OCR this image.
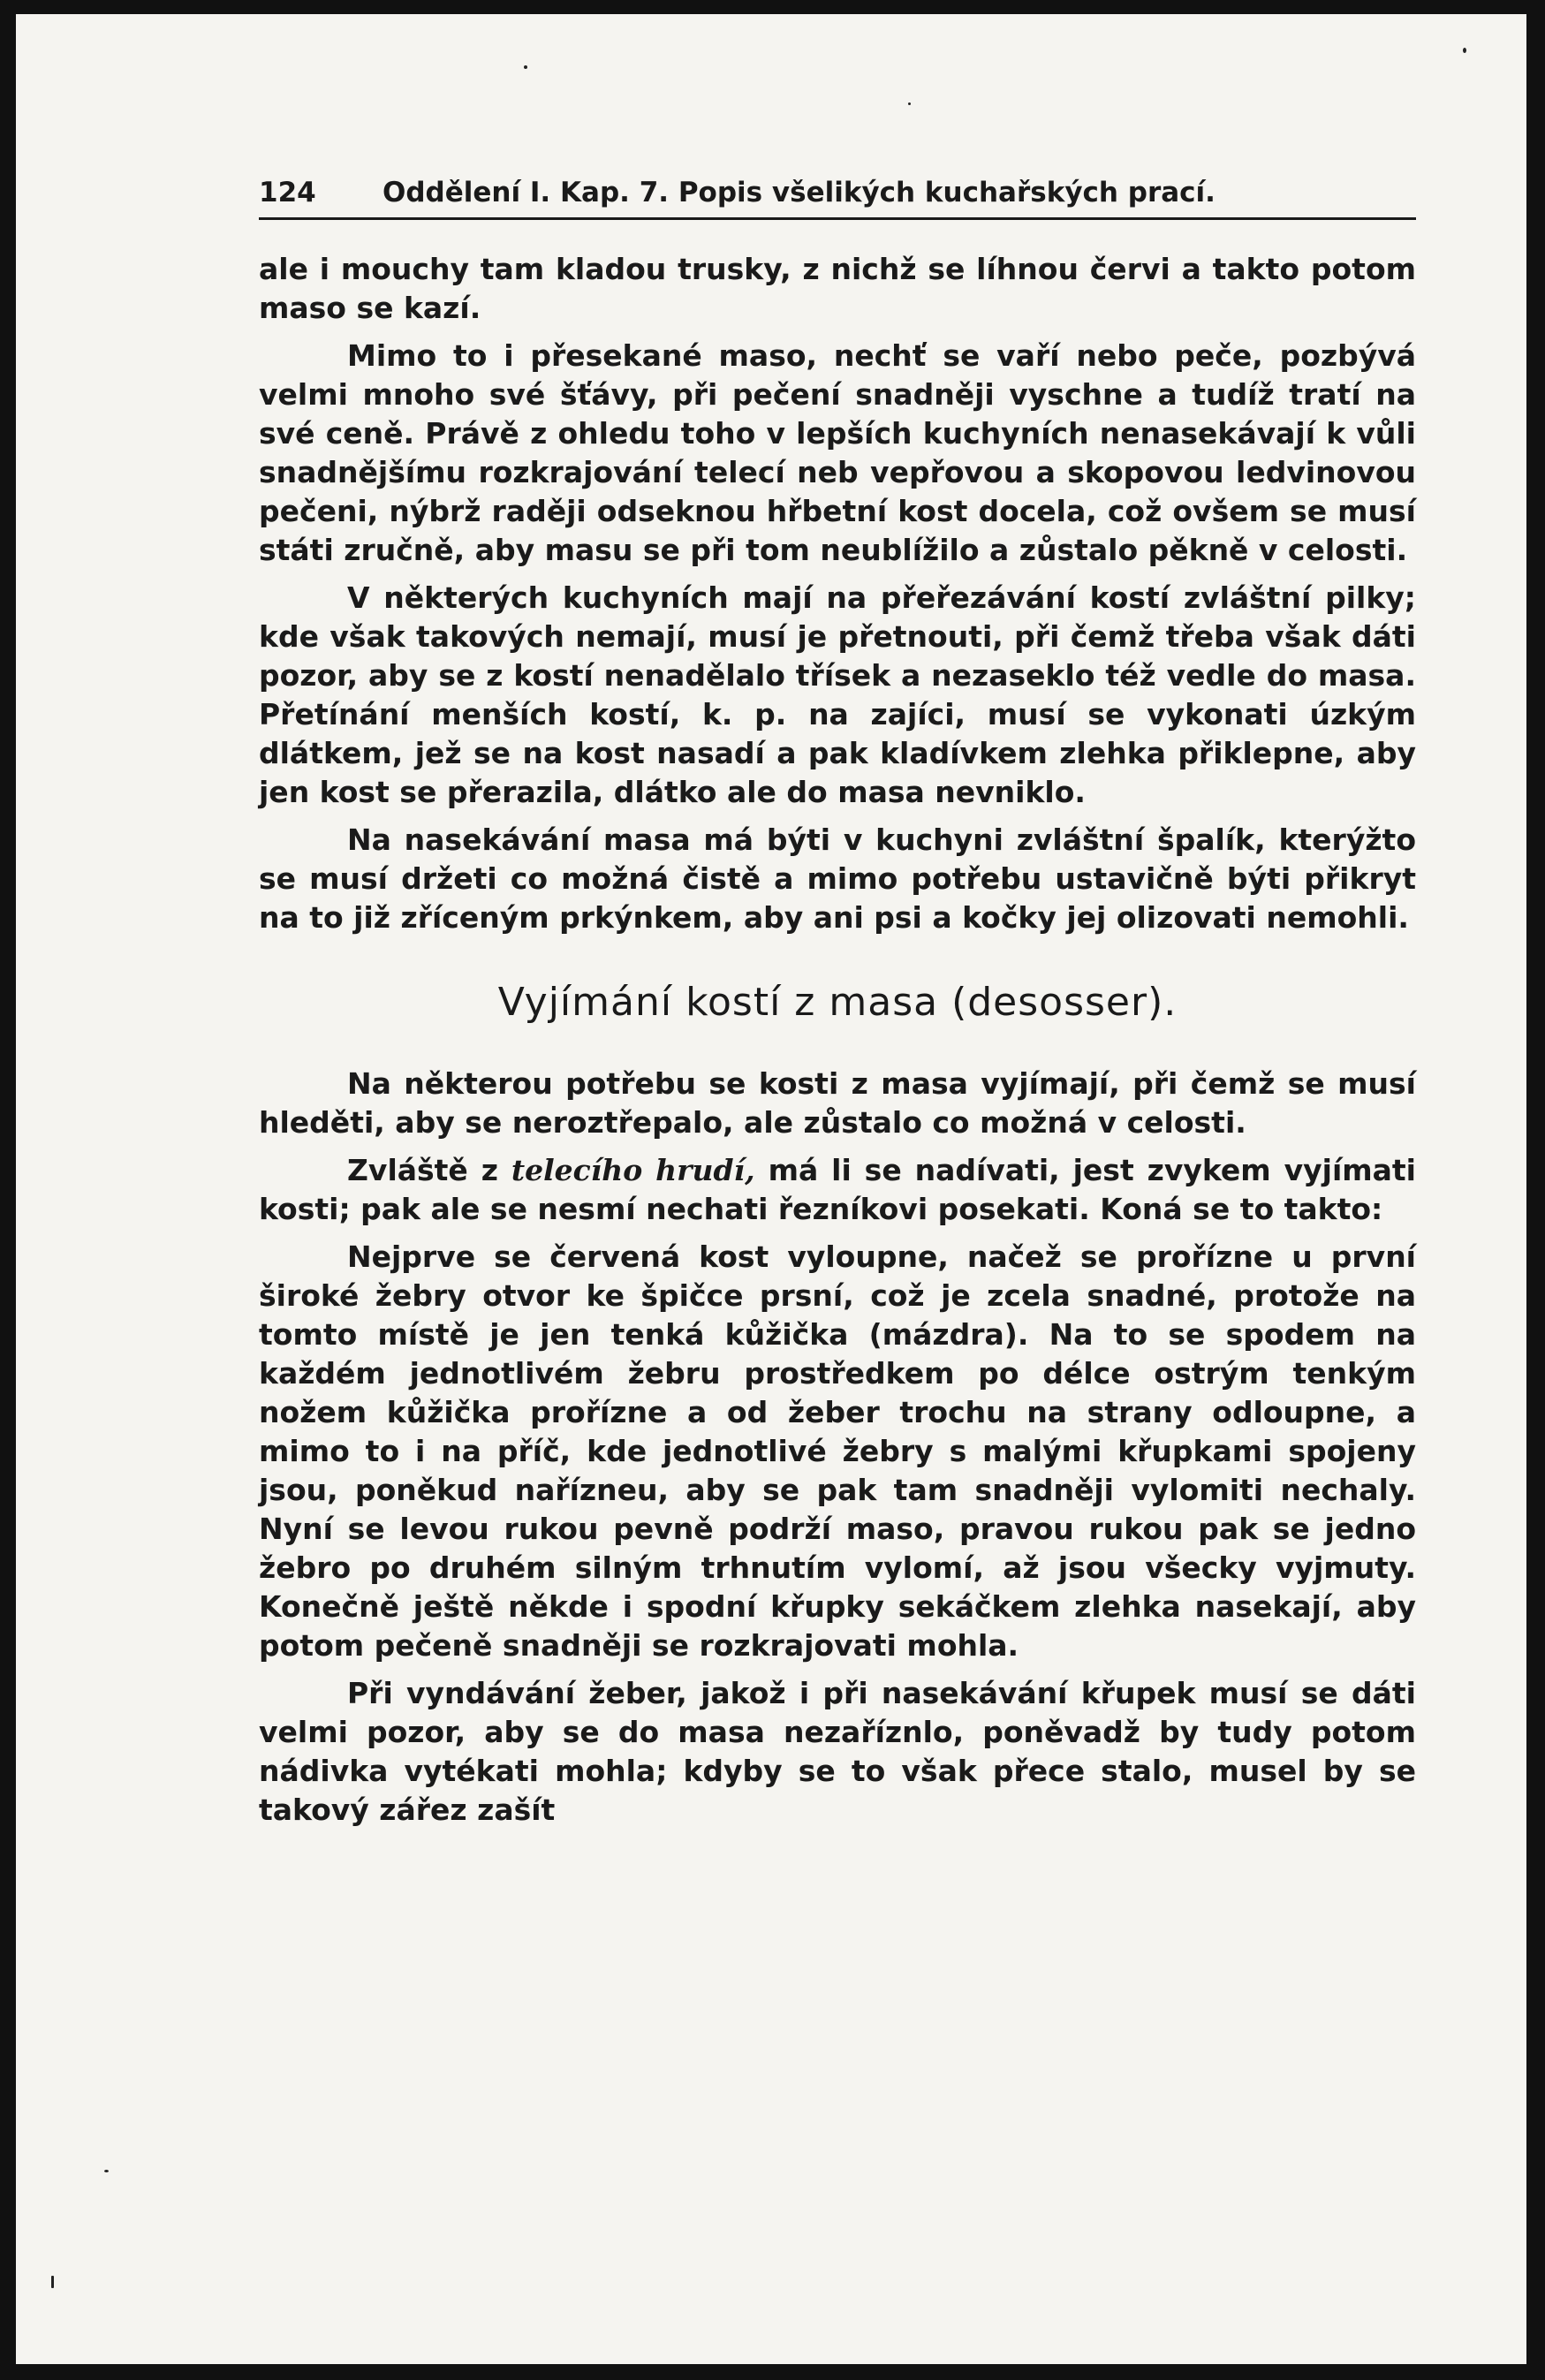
124	Oddělení I. Kap. 7. Popis všelikých kuchařských prací.

ale i mouchy tam kladou trusky, z nichž se líhnou červi a takto potom maso se kazí.

Mimo to i přesekané maso, nechť se vaří nebo peče, pozbývá velmi mnoho své šťávy, při pečení snadněji vyschne a tudíž tratí na své ceně. Právě z ohledu toho v lepších kuchyních nenasekávají k vůli snadnějšímu rozkrajování telecí neb vepřovou a skopovou ledvinovou pečeni, nýbrž raději odseknou hřbetní kost docela, což ovšem se musí státi zručně, aby masu se při tom neublížilo a zůstalo pěkně v celosti.

V některých kuchyních mají na přeřezávání kostí zvláštní pilky; kde však takových nemají, musí je přetnouti, při čemž třeba však dáti pozor, aby se z kostí nenadělalo třísek a nezaseklo též vedle do masa. Přetínání menších kostí, k. p. na zajíci, musí se vykonati úzkým dlátkem, jež se na kost nasadí a pak kladívkem zlehka přiklepne, aby jen kost se přerazila, dlátko ale do masa nevniklo.

Na nasekávání masa má býti v kuchyni zvláštní špalík, kterýžto se musí držeti co možná čistě a mimo potřebu ustavičně býti přikryt na to již zříceným prkýnkem, aby ani psi a kočky jej olizovati nemohli.

Vyjímání kostí z masa (desosser).

Na některou potřebu se kosti z masa vyjímají, při čemž se musí hleděti, aby se neroztřepalo, ale zůstalo co možná v celosti.

Zvláště z telecího hrudí, má li se nadívati, jest zvykem vyjímati kosti; pak ale se nesmí nechati řezníkovi posekati. Koná se to takto:

Nejprve se červená kost vyloupne, načež se prořízne u první široké žebry otvor ke špičce prsní, což je zcela snadné, protože na tomto místě je jen tenká kůžička (mázdra). Na to se spodem na každém jednotlivém žebru prostředkem po délce ostrým tenkým nožem kůžička prořízne a od žeber trochu na strany odloupne, a mimo to i na příč, kde jednotlivé žebry s malými křupkami spojeny jsou, poněkud nařízneu, aby se pak tam snadněji vylomiti nechaly. Nyní se levou rukou pevně podrží maso, pravou rukou pak se jedno žebro po druhém silným trhnutím vylomí, až jsou všecky vyjmuty. Konečně ještě někde i spodní křupky sekáčkem zlehka nasekají, aby potom pečeně snadněji se rozkrajovati mohla.

Při vyndávání žeber, jakož i při nasekávání křupek musí se dáti velmi pozor, aby se do masa nezaříznlo, poněvadž by tudy potom nádivka vytékati mohla; kdyby se to však přece stalo, musel by se takový zářez zašít
